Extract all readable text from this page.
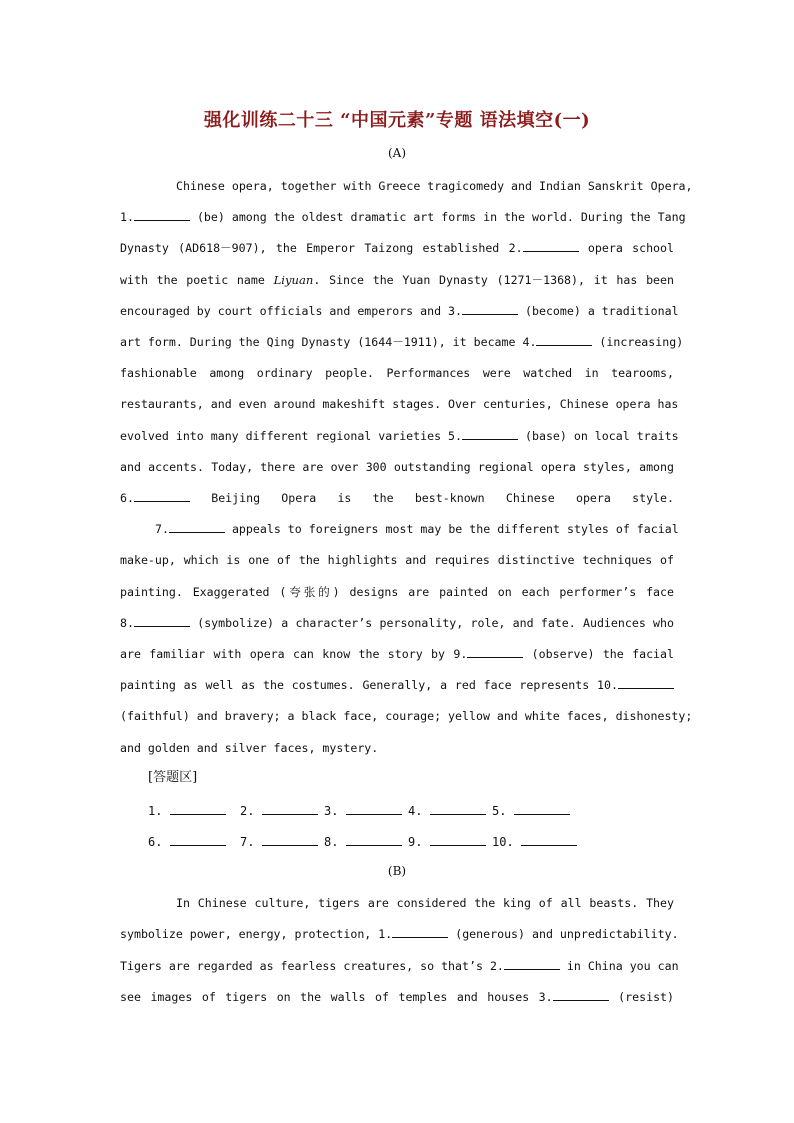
强化训练二十三 “中国元素”专题 语法填空(一)
(A)
Chinese opera, together with Greece tragicomedy and Indian Sanskrit Opera,
1.	(be) among the oldest dramatic art forms in the world. During the Tang
Dynasty (AD618－907), the Emperor Taizong established 2.	opera school
with the poetic name Liyuan. Since the Yuan Dynasty (1271－1368), it has been
encouraged by court officials and emperors and 3.	(become) a traditional
art form. During the Qing Dynasty (1644－1911), it became 4.	(increasing)
fashionable among ordinary people. Performances were watched in tearooms,
restaurants, and even around makeshift stages. Over centuries, Chinese opera has
evolved into many different regional varieties 5.	(base) on local traits
and accents. Today, there are over 300 outstanding regional opera styles, among
6.	Beijing Opera is the best-known Chinese opera style.
7.	appeals to foreigners most may be the different styles of facial
make-up, which is one of the highlights and requires distinctive techniques of
painting. Exaggerated (夸张的) designs are painted on each performer’s face
8.	(symbolize) a character’s personality, role, and fate. Audiences who
are familiar with opera can know the story by 9.	(observe) the facial
painting as well as the costumes. Generally, a red face represents 10.
(faithful) and bravery; a black face, courage; yellow and white faces, dishonesty;
and golden and silver faces, mystery.
[答题区]
1.	2.	3.	4.	5.
6.	7.	8.	9.	10.
(B)
In Chinese culture, tigers are considered the king of all beasts. They
symbolize power, energy, protection, 1.	(generous) and unpredictability.
Tigers are regarded as fearless creatures, so that’s 2.	in China you can
see images of tigers on the walls of temples and houses 3.	(resist)
